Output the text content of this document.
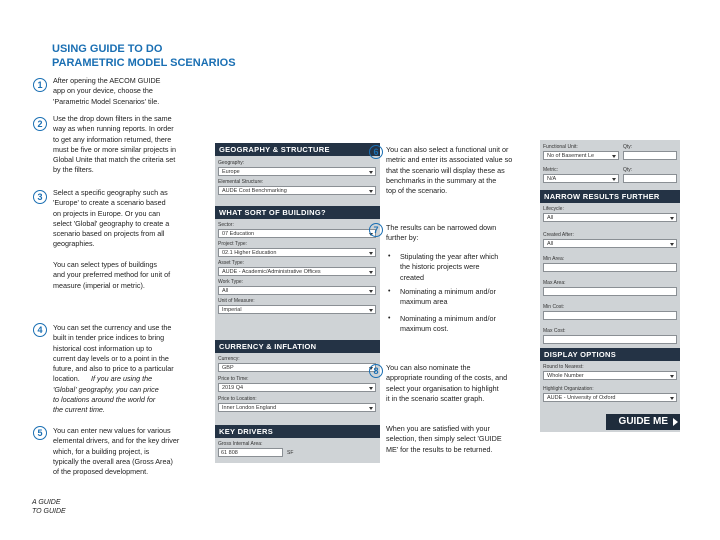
USING GUIDE TO DO
PARAMETRIC MODEL SCENARIOS
1	After opening the AECOM GUIDE
app on your device, choose the
'Parametric Model Scenarios' tile.
2
Use the drop down filters in the same
way as when running reports. In order
to get any information returned, there
must be five or more similar projects in
Global Unite that match the criteria set
by the filters.
3	Select a specific geography such as
'Europe' to create a scenario based
on projects in Europe. Or you can
select 'Global' geography to create a
scenario based on projects from all
geographies.
You can select types of buildings
and your preferred method for unit of
measure (imperial or metric).
4	You can set the currency and use the
built in tender price indices to bring
historical cost information up to
current day levels or to a point in the
future, and also to price to a particular
location.	If you are using the
'Global' geography, you can price
to locations around the world for
the current time.
5	You can enter new values for various
elemental drivers, and for the key driver
which, for a building project, is
typically the overall area (Gross Area)
of the proposed development.
A GUIDE
TO GUIDE
GEOGRAPHY & STRUCTURE
Geography:
Europe
Elemental Structure:
AUDE Cost Benchmarking
WHAT SORT OF BUILDING?
Sector:
07 Education
Project Type:
02.1 Higher Education
Asset Type:
AUDE - Academic/Administrative Offices
Work Type:
All
Unit of Measure:
Imperial
CURRENCY & INFLATION
Currency:
GBP
Price to Time:
2019 Q4
Price to Location:
Inner London England
KEY DRIVERS
Gross Internal Area:
61 808	SF
6	You can also select a functional unit or
metric and enter its associated value so
that the scenario will display these as
benchmarks in the summary at the
top of the scenario.
7	The results can be narrowed down
further by:
• Stipulating the year after which
the historic projects were
created
• Nominating a minimum and/or
maximum area
• Nominating a minimum and/or
maximum cost.
8	You can also nominate the
appropriate rounding of the costs, and
select your organisation to highlight
it in the scenario scatter graph.
When you are satisfied with your
selection, then simply select 'GUIDE
ME' for the results to be returned.
Functional Unit:
No of Basement Le
Qty:
Metric:
N/A
Qty:
NARROW RESULTS FURTHER
Lifecycle:
All
Created After:
All
Min Area:
Max Area:
Min Cost:
Max Cost:
DISPLAY OPTIONS
Round to Nearest:
Whole Number
Highlight Organization:
AUDE - University of Oxford
GUIDE ME
